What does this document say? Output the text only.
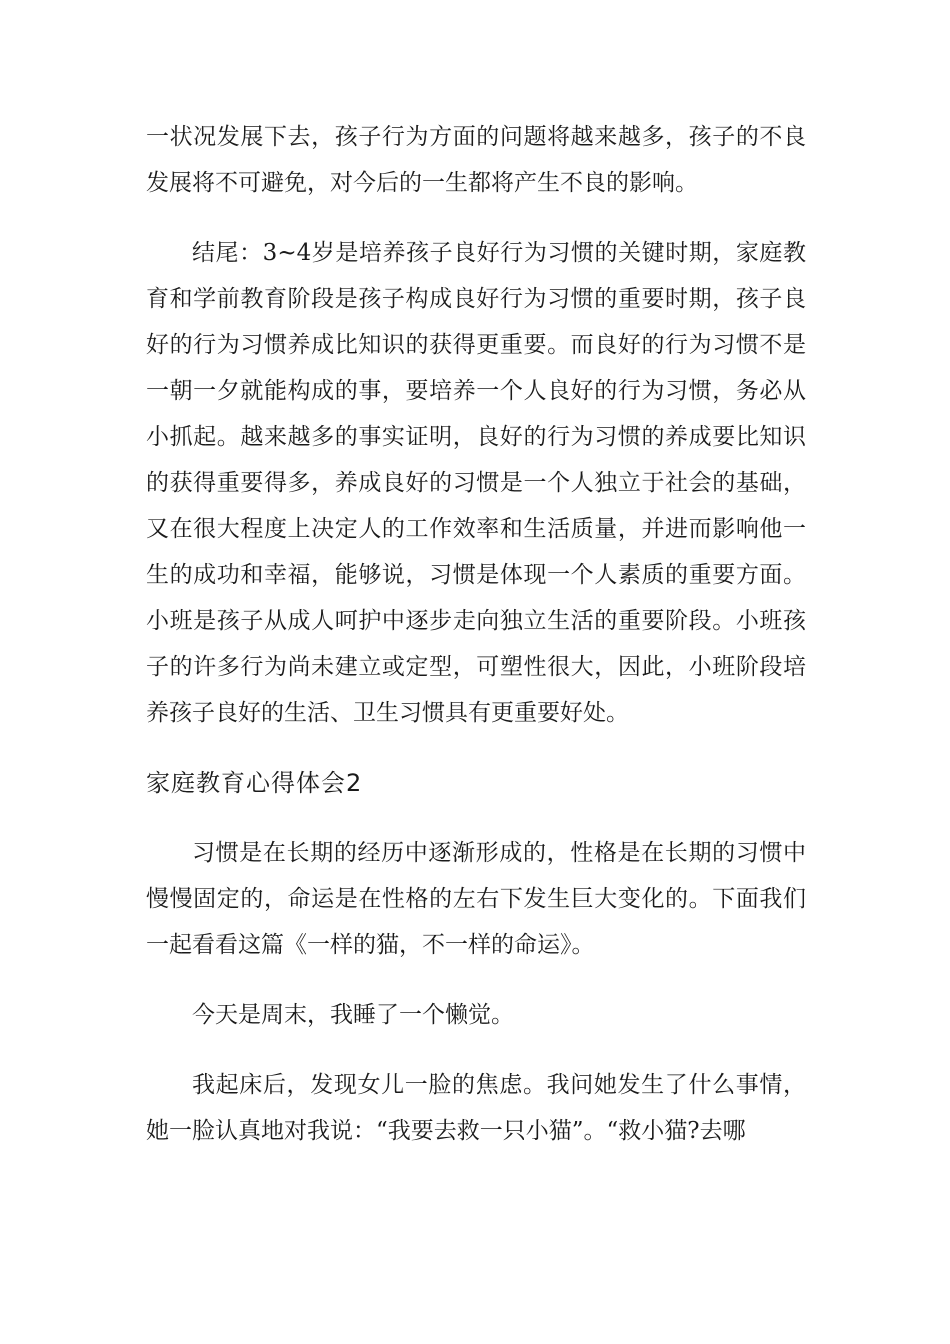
一状况发展下去，孩子行为方面的问题将越来越多，孩子的不良发展将不可避免，对今后的一生都将产生不良的影响。

结尾：3~4岁是培养孩子良好行为习惯的关键时期，家庭教育和学前教育阶段是孩子构成良好行为习惯的重要时期，孩子良好的行为习惯养成比知识的获得更重要。而良好的行为习惯不是一朝一夕就能构成的事，要培养一个人良好的行为习惯，务必从小抓起。越来越多的事实证明，良好的行为习惯的养成要比知识的获得重要得多，养成良好的习惯是一个人独立于社会的基础，又在很大程度上决定人的工作效率和生活质量，并进而影响他一生的成功和幸福，能够说，习惯是体现一个人素质的重要方面。小班是孩子从成人呵护中逐步走向独立生活的重要阶段。小班孩子的许多行为尚未建立或定型，可塑性很大，因此，小班阶段培养孩子良好的生活、卫生习惯具有更重要好处。

家庭教育心得体会2

习惯是在长期的经历中逐渐形成的，性格是在长期的习惯中慢慢固定的，命运是在性格的左右下发生巨大变化的。下面我们一起看看这篇《一样的猫，不一样的命运》。

今天是周末，我睡了一个懒觉。

我起床后，发现女儿一脸的焦虑。我问她发生了什么事情，她一脸认真地对我说：“我要去救一只小猫”。“救小猫?去哪
